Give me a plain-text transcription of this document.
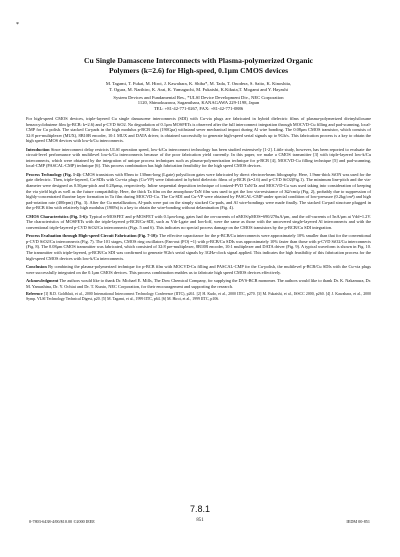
*

Cu Single Damascene Interconnects with Plasma-polymerized Organic
Polymers (k=2.6) for High-speed, 0.1μm CMOS devices

M. Tagami, T. Fukai, M. Hiroi, J. Kawahara, K. Shiba*, M. Tada, T. Onodera, S. Saito, K. Kinoshita,
T. Ogura, M. Narihiro, K. Arai, K. Yamaguchi, M. Fukaishi, K.Kikuta,T. Mogami and Y. Hayashi

System Devices and Fundamental Res., *ULSI Device Development Div., NEC Corporation
1120, Shimokuzawa, Sagamihara, KANAGAWA 229-1198, Japan
TEL: +81-42-771-0267, FAX: +81-42-771-0886

For high-speed CMOS devices, triple-layered Cu single damascene interconnects (SDI) with Cu-via plugs are fabricated in hybrid dielectric films of plasma-polymerized divinylsiloxane benzocyclobutene film (p-BCB: k=2.6) and p-CVD SiO2. No degradation of 0.1μm MOSFETs is observed after the full interconnect integration through MOCVD-Cu filling and pad-scanning, local-CMP for Cu polish. The stacked Cu-pads in the high modulus p-BCB film (190Gpa) withstand sever mechanical impact during Al wire bonding. The 0.08μm CMOS transistor, which consists of 32:8 pre-multiplexer (MUX), 8B10B encoder, 10:1 MUX and DATA driver, is obtained successfully to generate high-speed serial signals up to 9Gb/s. This fabrication process is a key to obtain the high speed CMOS devices with low-k/Cu interconnects.

Introduction Since interconnect delay restricts ULSI operation speed, low-k/Cu interconnect technology has been studied extensively [1-2]. Little study, however, has been reported to evaluate the circuit-level performance with multilevel low-k/Cu interconnects because of the poor fabrication yield currently. In this paper, we make a CMOS transmitter [3] with triple-layered low-k/Cu interconnects, which were obtained by the integration of unique process techniques such as plasma-polymerization technique for p-BCB [4], MOCVD-Cu filling technique [5] and pad-scanning, local-CMP (PASCAL-CMP) technique [6]. This process combination has high fabrication feasibility for the high speed CMOS devices.

Process Technology (Fig. 1-4): CMOS transistors with 85nm to 130nm-long (Lgate) polysilicon gates were fabricated by direct electron-beam lithography. Here, 1.9nm-thick SiON was used for the gate dielectric. Then, triple-layered, Cu-SDIs with Cu-via plugs (Cu-VP) were fabricated in hybrid dielectric films of p-BCB (k=2.6) and p-CVD SiO2(Fig.1). The minimum line-pitch and the via-diameter were designed as 0.50μm-pitch and 0.28μmφ, respectively. Inline sequential deposition technique of ionized-PVD TaN/Ta and MOCVD-Cu was used taking into consideration of keeping the via yield high as well as the future compatibility. Here, the thick Ta film on the amorphous-TaN film was used to get the low via-resistance of 3Ω/cm/φ (Fig. 2), probably due to suppression of highly-concentrated fluorine layer formation in Ta film during MOCVD-Cu. The Cu-SDI and Cu-VP were obtained by PASCAL-CMP under special condition of low-pressure (0.2kg/cm²) and high pad-rotation rate (400rpm) (Fig. 3). After the Cu metallization, Al-pads were put on the simply stacked Cu-pads, and Al wire-bondings were made finally. The stacked Cu-pad structure plugged in the p-BCB film with relatively high modulus (190Pa) is a key to obtain the wire-bonding without delamination (Fig. 4).

CMOS Characteristics (Fig. 5-6): Typical n-MOSFET and p-MOSFET with 0.1μm-long, gates had the on-currents of nMOS/pMOS=690/270uA/μm, and the off-currents of 5nA/μm at Vdd=1.2V. The characteristics of MOSFETs with the triple-layered p-BCB/Cu-SDI, such as Vth-Lgate and Ion-Ioff, were the same as those with the uncovered single-layered Al interconnects and with the conventional triple-layered p-CVD SiO2/Cu interconnects (Figs. 5 and 6). This indicates no special process damage on the CMOS transistors by the p-BCB/Cu SDI integration.

Process Evaluation through High-speed Circuit Fabrication (Fig. 7-10): The effective capacitance for the p-BCB/Cu interconnects were approximately 10% smaller than that for the conventional p-CVD SiO2/Cu interconnects (Fig. 7). The 101 stages, CMOS ring oscillators (Fan-out (FO) =1) with p-BCB/Cu SDIs was approximately 10% faster than those with p-CVD SiO2/Cu interconnects (Fig. 8). The 0.08μm CMOS transmitter was fabricated, which consisted of 32:8 pre-multiplexer, 8B10B encoder, 10:1 multiplexer and DATA driver (Fig. 9). A typical waveform is shown in Fig. 10. The transmitter with triple-layered, p-BCB/Cu SDI was confirmed to generate 9Gb/s serial signals by 3GHz-clock signal applied. This indicates the high feasibility of this fabrication process for the high-speed CMOS devices with low-k/Cu interconnects.

Conclusion By combining the plasma-polymerized technique for p-BCB film with MOCVD-Cu filling and PASCAL-CMP for the Cu-polish, the multilevel p-BCB/Cu SDIs with the Cu-via plugs were successfully integrated on the 0.1μm CMOS devices. This process combination enables us to fabricate high speed CMOS devices effectively.

Acknowledgment The authors would like to thank Dr. Michael E. Mills, The Dow Chemical Company, for supplying the DVS-BCB monomer. The authors would like to thank Dr. K. Nakamura, Dr. M. Yamashina, Dr. Y. Ochiai and Dr. T. Kunio, NEC Corporation, for their encouragement and supporting the research.

Reference [1] R.D. Goldblatt, et al., 2000 International Interconnect Technology Conference (IITC), p261. [2] H. Kudo, et al., 2000 IITC, p270. [3] M. Fukaishi, et al., ISSCC 2000, p260. [4] J. Kawahara, et al., 2000 Symp. VLSI Technology Technical Digest, p20. [5] M. Tagami, et al., 1999 IITC, p64. [6] M. Hiroi, et al., 1999 IITC, p106.

7.8.1
0-7803-6438-4/00/$10.00 ©2000 IEEE	851	IEDM 00-851
